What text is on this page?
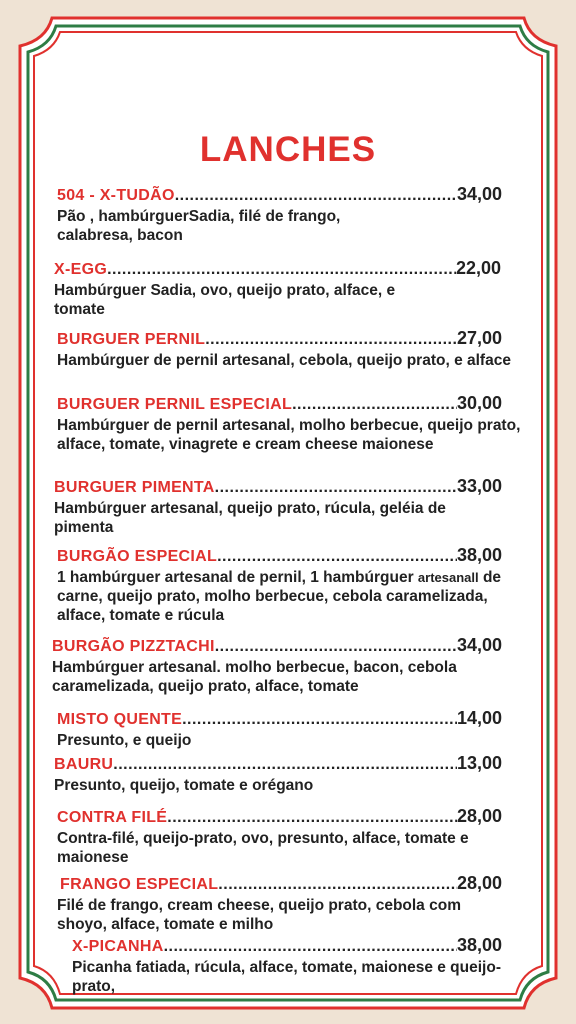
LANCHES
504 - X-TUDÃO .....	34,00
Pão , hambúrguerSadia, filé de frango, calabresa, bacon
X-EGG .....	22,00
Hambúrguer Sadia, ovo, queijo prato, alface, e tomate
BURGUER PERNIL .....	27,00
Hambúrguer de pernil artesanal, cebola, queijo prato, e alface
BURGUER PERNIL ESPECIAL .....	30,00
Hambúrguer de pernil artesanal, molho berbecue, queijo prato, alface, tomate, vinagrete e cream cheese maionese
BURGUER PIMENTA .....	33,00
Hambúrguer artesanal, queijo prato, rúcula, geléia de pimenta
BURGÃO ESPECIAL .....	38,00
1 hambúrguer artesanal de pernil, 1 hambúrguer artesanall de carne, queijo prato, molho berbecue, cebola caramelizada, alface, tomate e rúcula
BURGÃO PIZZTACHI .....	34,00
Hambúrguer artesanal. molho berbecue, bacon, cebola caramelizada, queijo prato, alface, tomate
MISTO QUENTE .....	14,00
Presunto, e queijo
BAURU .....	13,00
Presunto, queijo, tomate e orégano
CONTRA FILÉ .....	28,00
Contra-filé, queijo-prato, ovo, presunto, alface, tomate e maionese
FRANGO ESPECIAL .....	28,00
Filé de frango, cream cheese, queijo prato, cebola com shoyo, alface, tomate e milho
X-PICANHA .....	38,00
Picanha fatiada, rúcula, alface, tomate, maionese e queijo-prato,
